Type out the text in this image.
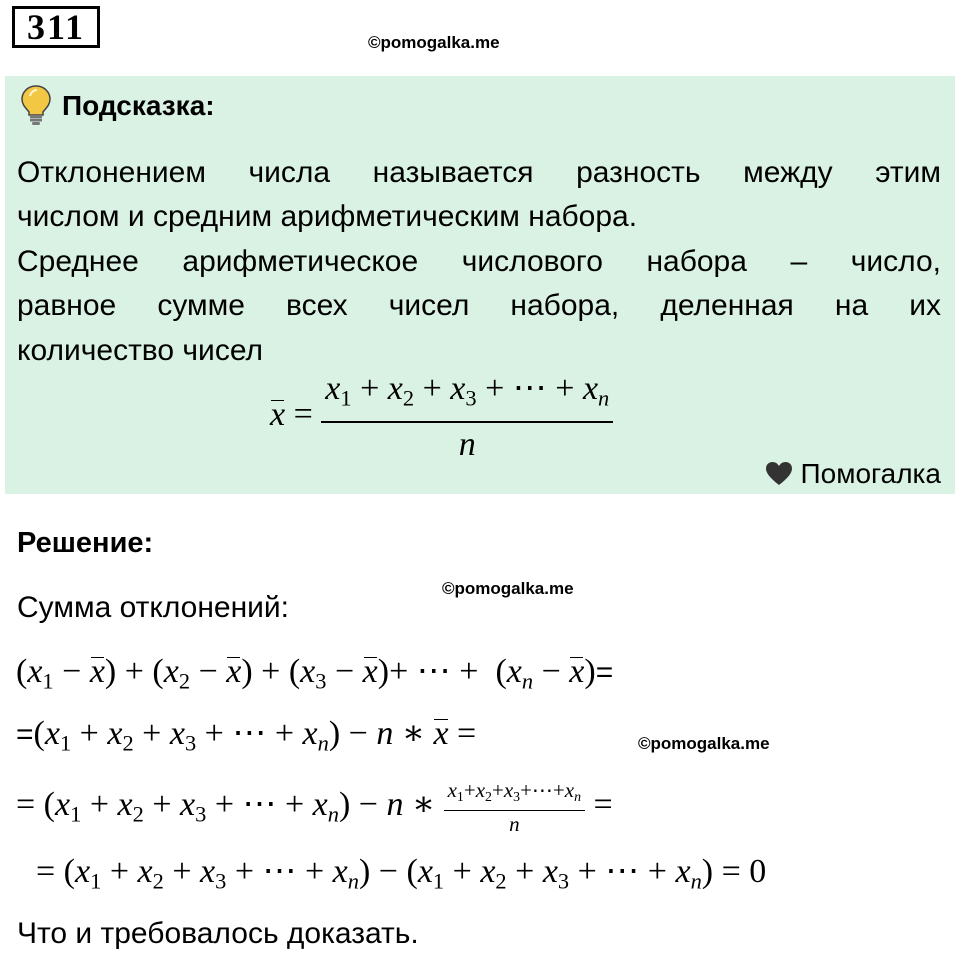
311	©pomogalka.me
Подсказка:
Отклонением числа называется разность между этим
числом и средним арифметическим набора.
Среднее арифметическое числового набора – число,
равное сумме всех чисел набора, деленная на их
количество чисел
$x = \frac{x_1 + x_2 + x_3 + \cdots + xn}{n}$
Помогалка
Решение:
©pomogalka.me
Сумма отклонений:
$(x_1 - x) + (x_2 - x) + (x_3 - x)+$ ⋯ +  (xn − x)=
$=(x_1 + x_2 + x_3$ + ⋯ + xn) − n ∗ x =	©pomogalka.me
= ($x_1 + x_2 + x_3$ + ⋯ + xn) − n ∗ $\frac{x_1+x_2+x_3+\cdots+xn}{n}$ =
= ($x_1 + x_2 + x_3$ + ⋯ + $xn) - (x_1 + x_2 + x_3$ + ⋯ + xn) = 0
Что и требовалось доказать.
